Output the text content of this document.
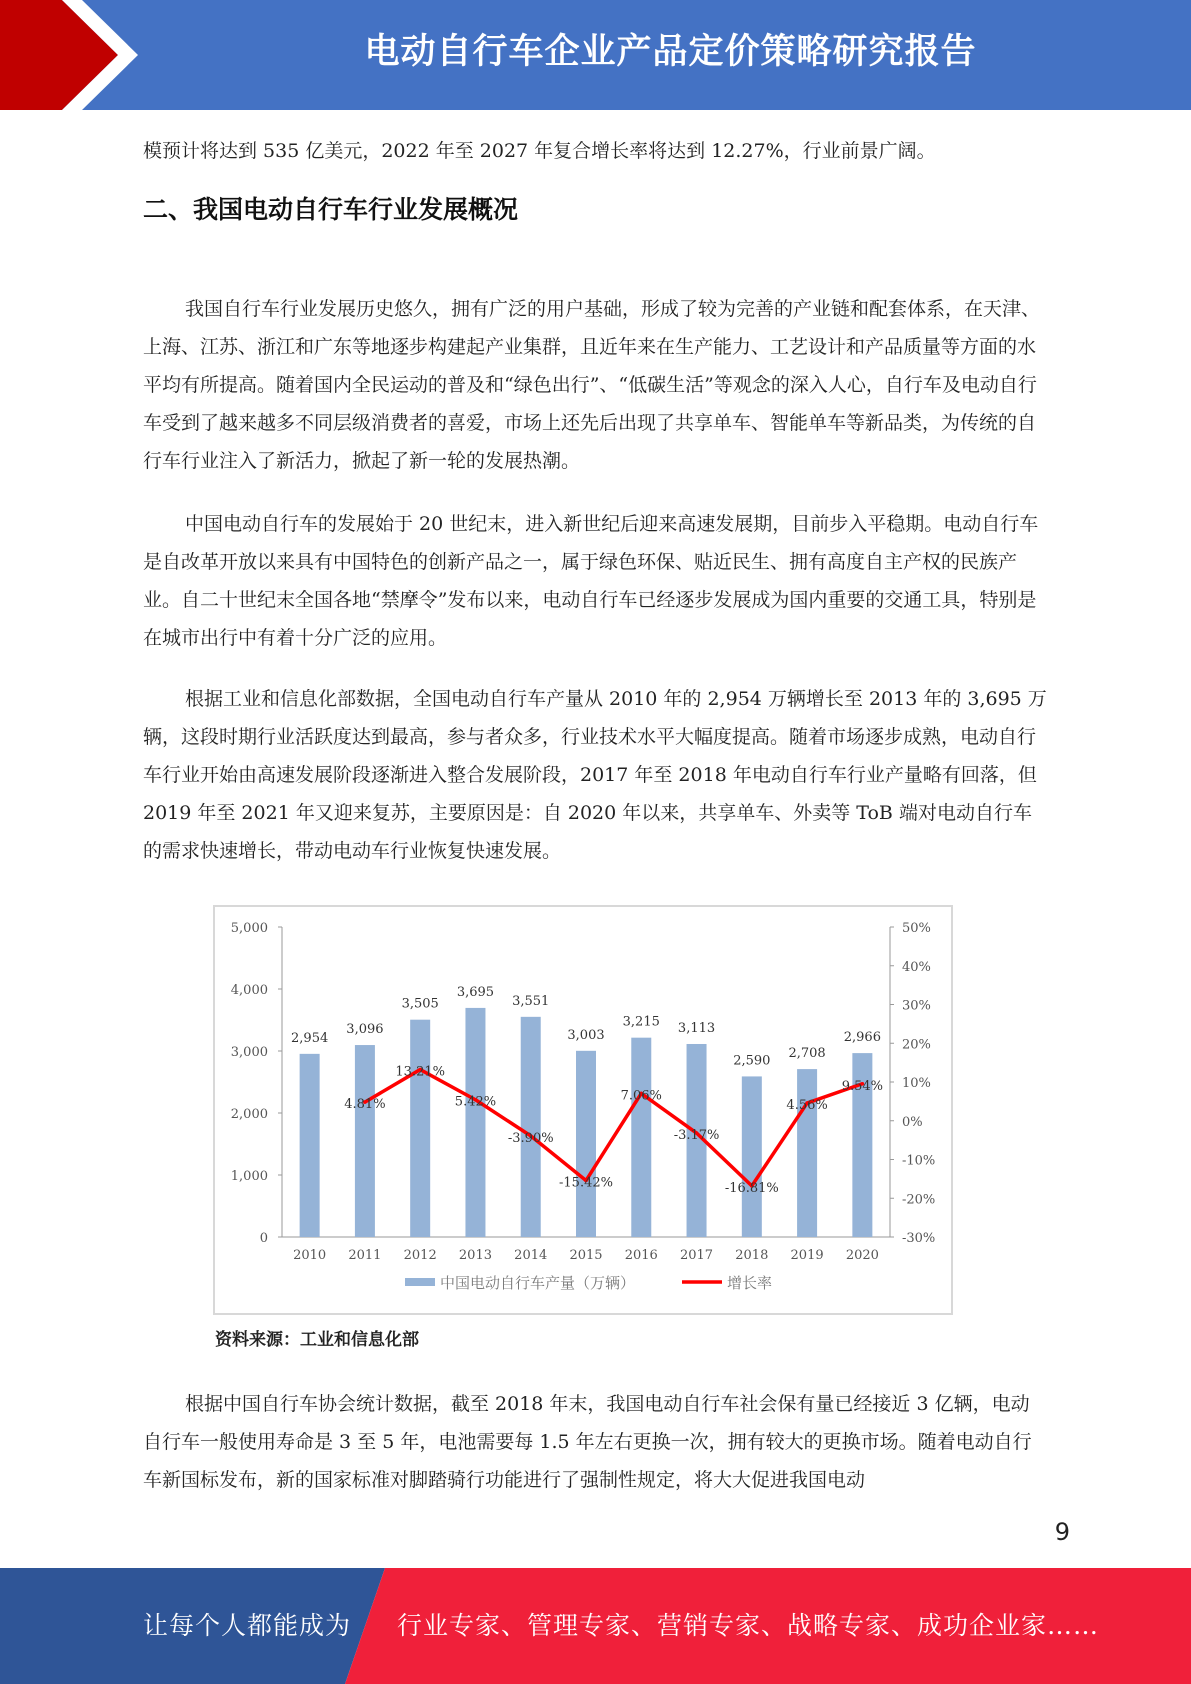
电动自行车企业产品定价策略研究报告

模预计将达到 535 亿美元，2022 年至 2027 年复合增长率将达到 12.27%，行业前景广阔。

二、我国电动自行车行业发展概况

我国自行车行业发展历史悠久，拥有广泛的用户基础，形成了较为完善的产业链和配套体系，在天津、上海、江苏、浙江和广东等地逐步构建起产业集群，且近年来在生产能力、工艺设计和产品质量等方面的水平均有所提高。随着国内全民运动的普及和“绿色出行”、“低碳生活”等观念的深入人心，自行车及电动自行车受到了越来越多不同层级消费者的喜爱，市场上还先后出现了共享单车、智能单车等新品类，为传统的自行车行业注入了新活力，掀起了新一轮的发展热潮。

中国电动自行车的发展始于 20 世纪末，进入新世纪后迎来高速发展期，目前步入平稳期。电动自行车是自改革开放以来具有中国特色的创新产品之一，属于绿色环保、贴近民生、拥有高度自主产权的民族产业。自二十世纪末全国各地“禁摩令”发布以来，电动自行车已经逐步发展成为国内重要的交通工具，特别是在城市出行中有着十分广泛的应用。

根据工业和信息化部数据，全国电动自行车产量从 2010 年的 2,954 万辆增长至 2013 年的 3,695 万辆，这段时期行业活跃度达到最高，参与者众多，行业技术水平大幅度提高。随着市场逐步成熟，电动自行车行业开始由高速发展阶段逐渐进入整合发展阶段，2017 年至 2018 年电动自行车行业产量略有回落，但 2019 年至 2021 年又迎来复苏，主要原因是：自 2020 年以来，共享单车、外卖等 ToB 端对电动自行车的需求快速增长，带动电动车行业恢复快速发展。

0
1,000
2,000
3,000
4,000
5,000
-30%
-20%
-10%
0%
10%
20%
30%
40%
50%
2,954
3,096
3,505
3,695
3,551
3,003
3,215 3,113
2,590 2,708
2,966
2010 2011 2012 2013 2014 2015 2016 2017 2018 2019 2020
4.81%
13.21%
5.42%
-3.90%
-15.42%
7.06%
-3.17%
-16.81%
4.56%
9.54%
中国电动自行车产量（万辆）	增长率
资料来源：工业和信息化部

根据中国自行车协会统计数据，截至 2018 年末，我国电动自行车社会保有量已经接近 3 亿辆，电动自行车一般使用寿命是 3 至 5 年，电池需要每 1.5 年左右更换一次，拥有较大的更换市场。随着电动自行车新国标发布，新的国家标准对脚踏骑行功能进行了强制性规定，将大大促进我国电动

9
让每个人都能成为 行业专家、管理专家、营销专家、战略专家、成功企业家……
